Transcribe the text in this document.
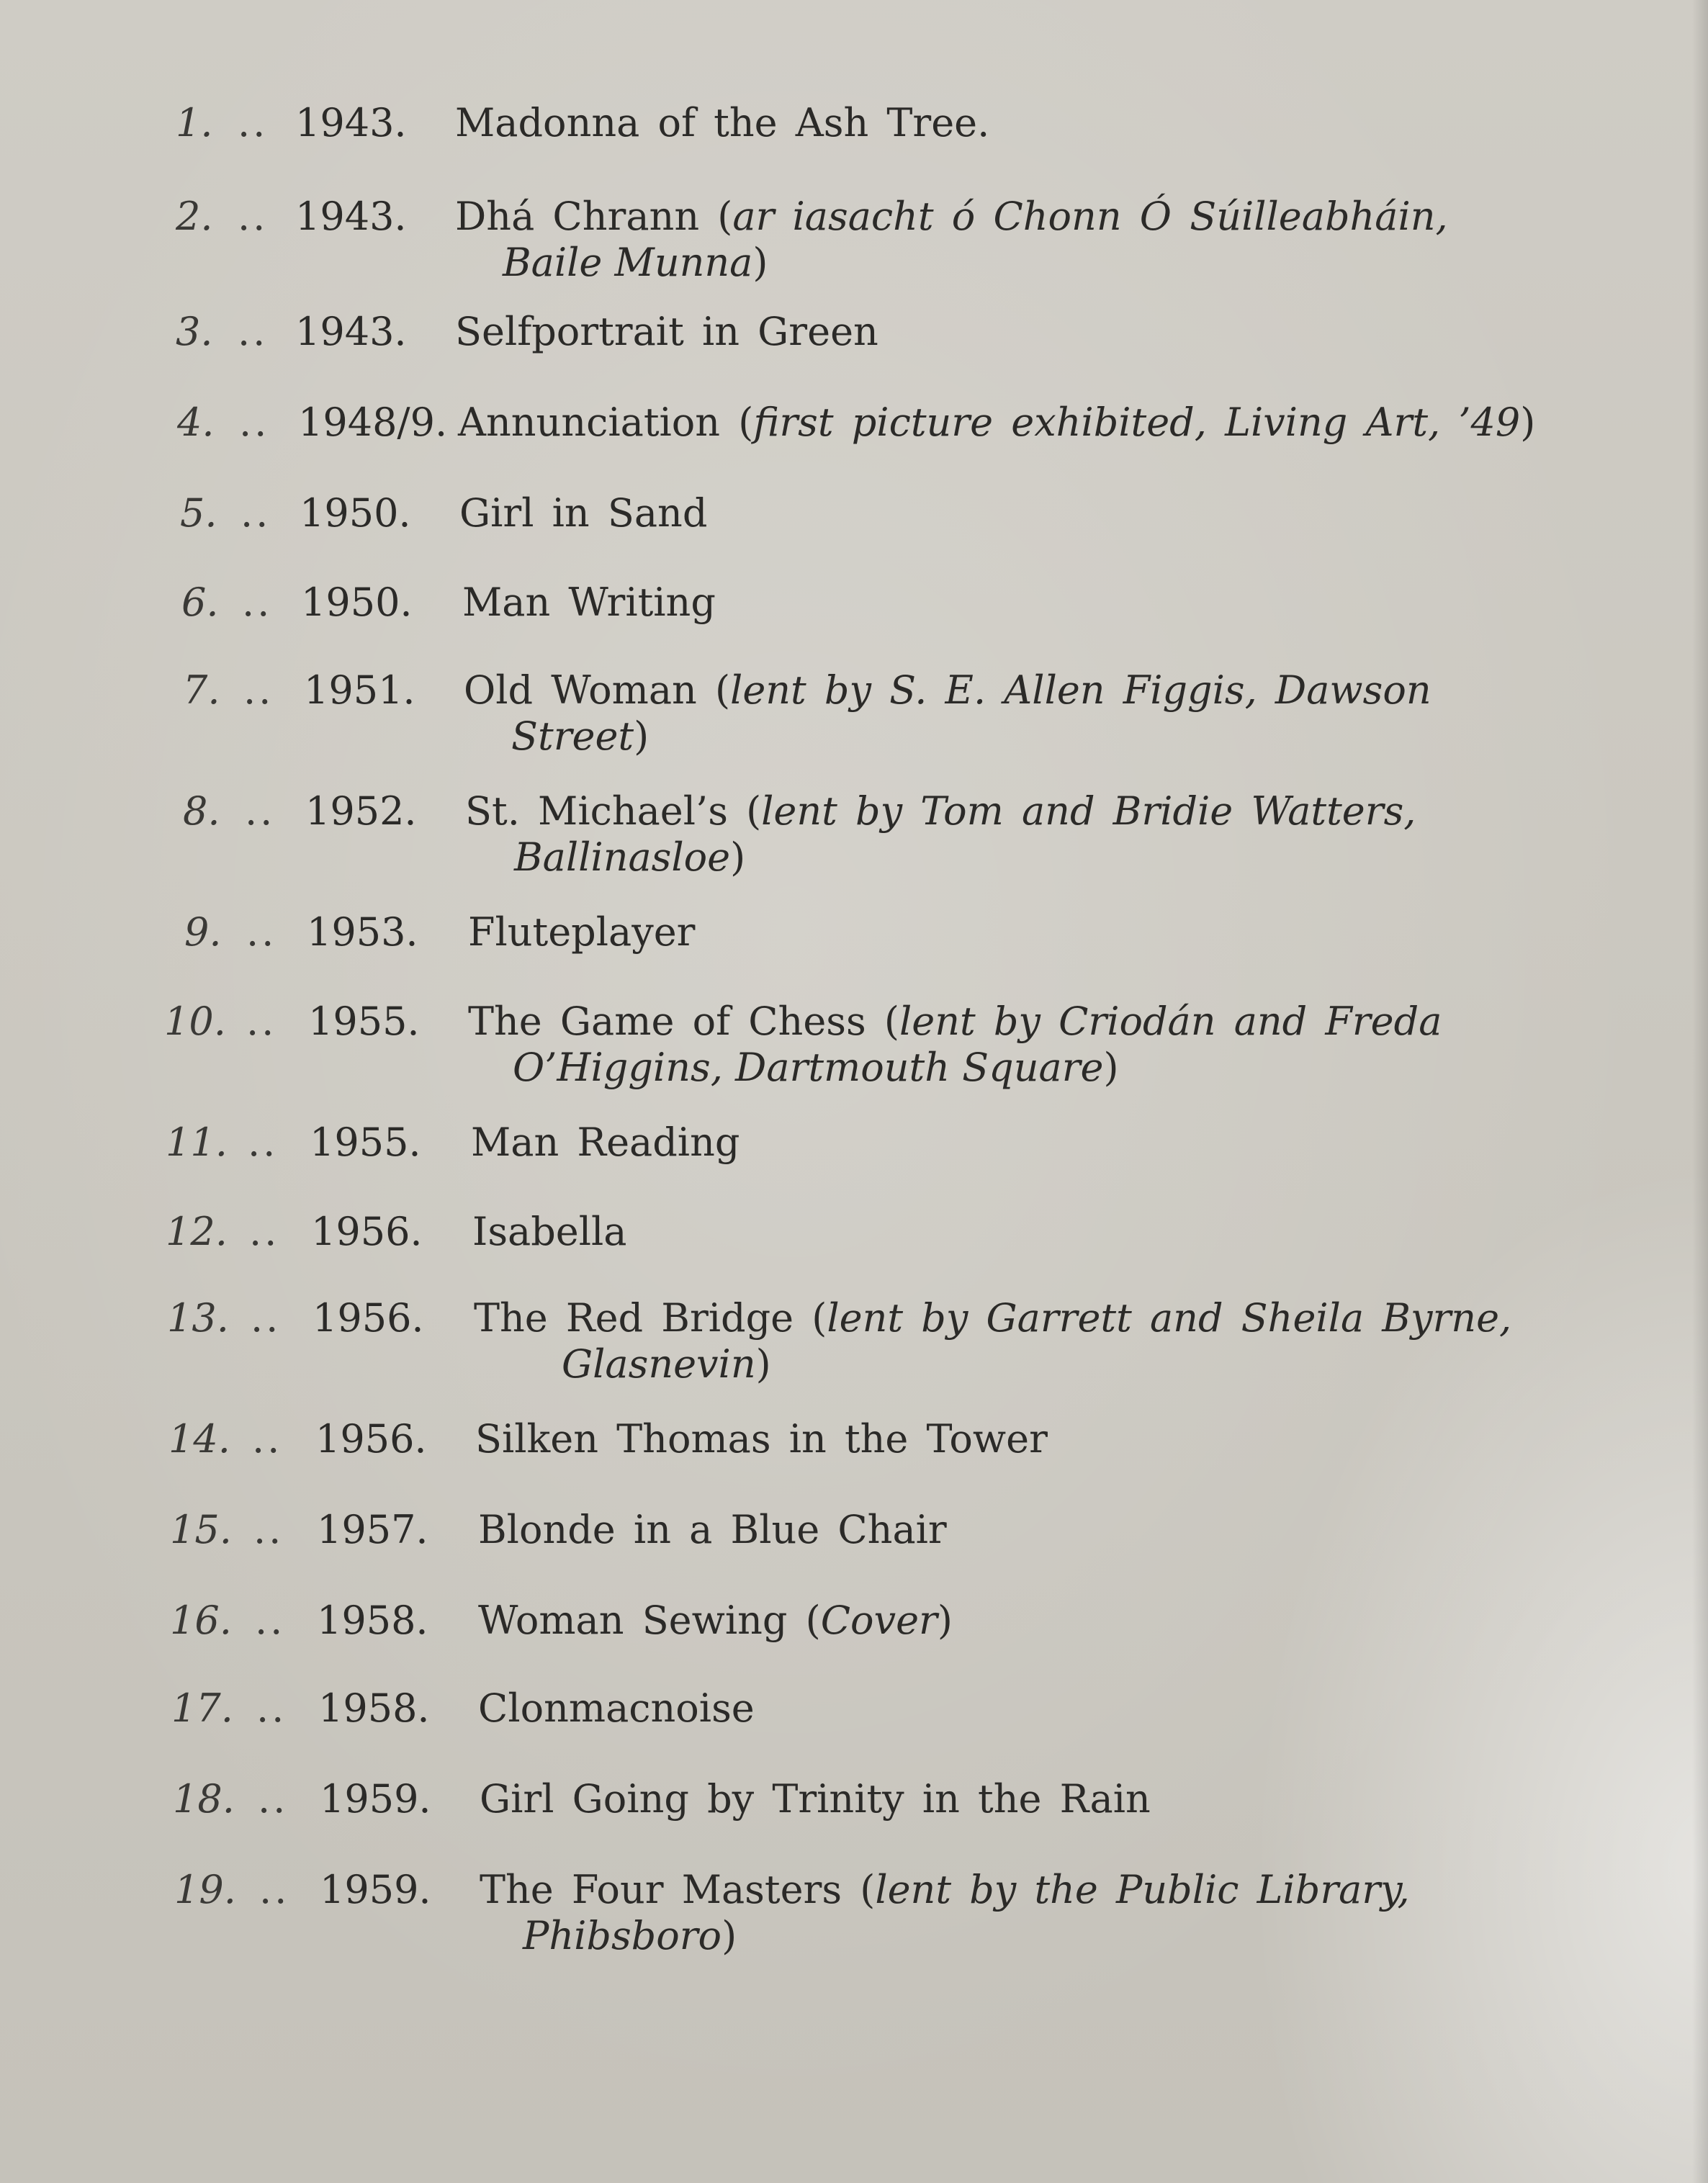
1. .. 1943. Madonna of the Ash Tree.
2. .. 1943. Dhá Chrann (ar iasacht ó Chonn Ó Súilleabháin,
Baile Munna)
3. .. 1943. Selfportrait in Green
4. .. 1948/9. Annunciation (first picture exhibited, Living Art, ’49)
5. .. 1950. Girl in Sand
6. .. 1950. Man Writing
7. .. 1951. Old Woman (lent by S. E. Allen Figgis, Dawson
Street)
8. .. 1952. St. Michael’s (lent by Tom and Bridie Watters,
Ballinasloe)
9. .. 1953. Fluteplayer
10. .. 1955. The Game of Chess (lent by Criodán and Freda
O’Higgins, Dartmouth Square)
11. .. 1955. Man Reading
12. .. 1956. Isabella
13. .. 1956. The Red Bridge (lent by Garrett and Sheila Byrne,
Glasnevin)
14. .. 1956. Silken Thomas in the Tower
15. .. 1957. Blonde in a Blue Chair
16. .. 1958. Woman Sewing (Cover)
17. .. 1958. Clonmacnoise
18. .. 1959. Girl Going by Trinity in the Rain
19. .. 1959. The Four Masters (lent by the Public Library,
Phibsboro)
